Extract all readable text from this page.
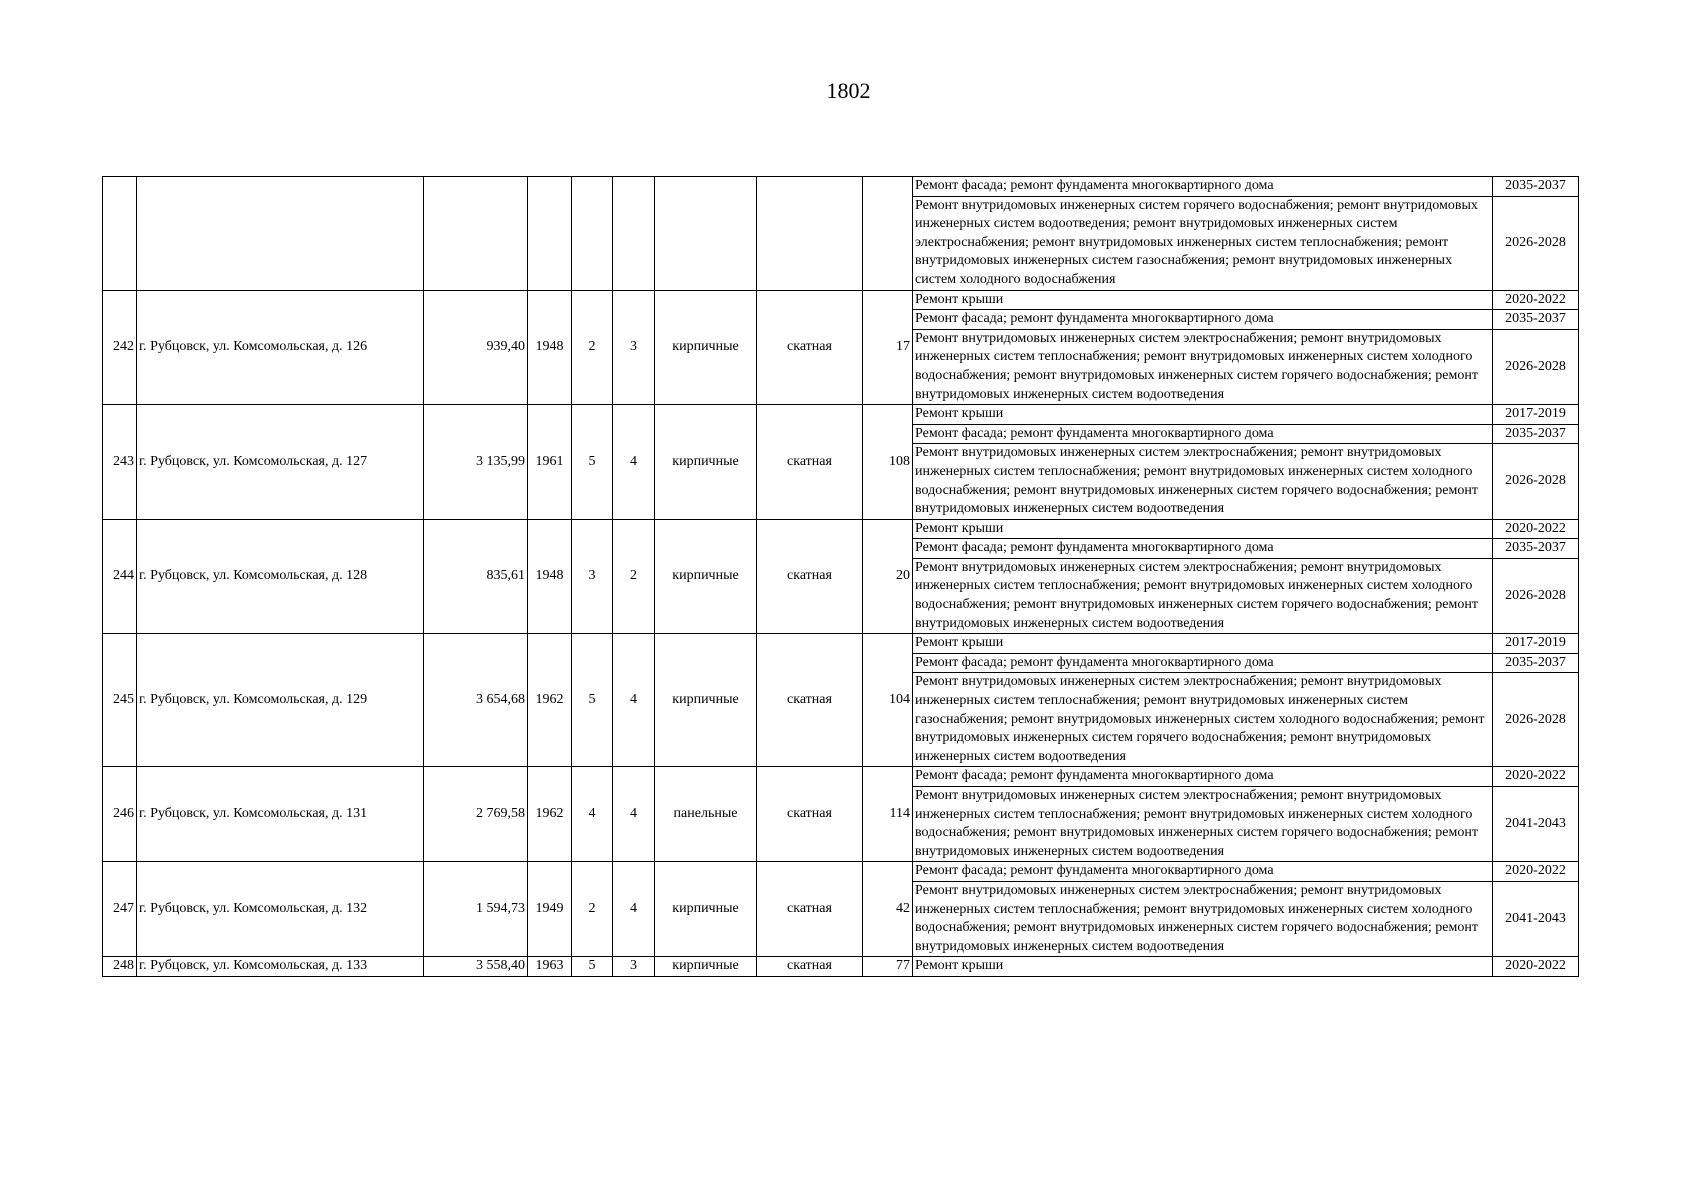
1802
									Ремонт фасада; ремонт фундамента многоквартирного дома	2035-2037
									Ремонт внутридомовых инженерных систем горячего водоснабжения; ремонт внутридомовых инженерных систем водоотведения; ремонт внутридомовых инженерных систем электроснабжения; ремонт внутридомовых инженерных систем теплоснабжения; ремонт внутридомовых инженерных систем газоснабжения; ремонт внутридомовых инженерных систем холодного водоснабжения	2026-2028
242	г. Рубцовск, ул. Комсомольская, д. 126	939,40	1948	2	3	кирпичные	скатная	17	Ремонт крыши	2020-2022
									Ремонт фасада; ремонт фундамента многоквартирного дома	2035-2037
									Ремонт внутридомовых инженерных систем электроснабжения; ремонт внутридомовых инженерных систем теплоснабжения; ремонт внутридомовых инженерных систем холодного водоснабжения; ремонт внутридомовых инженерных систем горячего водоснабжения; ремонт внутридомовых инженерных систем водоотведения	2026-2028
243	г. Рубцовск, ул. Комсомольская, д. 127	3 135,99	1961	5	4	кирпичные	скатная	108	Ремонт крыши	2017-2019
									Ремонт фасада; ремонт фундамента многоквартирного дома	2035-2037
									Ремонт внутридомовых инженерных систем электроснабжения; ремонт внутридомовых инженерных систем теплоснабжения; ремонт внутридомовых инженерных систем холодного водоснабжения; ремонт внутридомовых инженерных систем горячего водоснабжения; ремонт внутридомовых инженерных систем водоотведения	2026-2028
244	г. Рубцовск, ул. Комсомольская, д. 128	835,61	1948	3	2	кирпичные	скатная	20	Ремонт крыши	2020-2022
									Ремонт фасада; ремонт фундамента многоквартирного дома	2035-2037
									Ремонт внутридомовых инженерных систем электроснабжения; ремонт внутридомовых инженерных систем теплоснабжения; ремонт внутридомовых инженерных систем холодного водоснабжения; ремонт внутридомовых инженерных систем горячего водоснабжения; ремонт внутридомовых инженерных систем водоотведения	2026-2028
245	г. Рубцовск, ул. Комсомольская, д. 129	3 654,68	1962	5	4	кирпичные	скатная	104	Ремонт крыши	2017-2019
									Ремонт фасада; ремонт фундамента многоквартирного дома	2035-2037
									Ремонт внутридомовых инженерных систем электроснабжения; ремонт внутридомовых инженерных систем теплоснабжения; ремонт внутридомовых инженерных систем газоснабжения; ремонт внутридомовых инженерных систем холодного водоснабжения; ремонт внутридомовых инженерных систем горячего водоснабжения; ремонт внутридомовых инженерных систем водоотведения	2026-2028
246	г. Рубцовск, ул. Комсомольская, д. 131	2 769,58	1962	4	4	панельные	скатная	114	Ремонт фасада; ремонт фундамента многоквартирного дома	2020-2022
									Ремонт внутридомовых инженерных систем электроснабжения; ремонт внутридомовых инженерных систем теплоснабжения; ремонт внутридомовых инженерных систем холодного водоснабжения; ремонт внутридомовых инженерных систем горячего водоснабжения; ремонт внутридомовых инженерных систем водоотведения	2041-2043
247	г. Рубцовск, ул. Комсомольская, д. 132	1 594,73	1949	2	4	кирпичные	скатная	42	Ремонт фасада; ремонт фундамента многоквартирного дома	2020-2022
									Ремонт внутридомовых инженерных систем электроснабжения; ремонт внутридомовых инженерных систем теплоснабжения; ремонт внутридомовых инженерных систем холодного водоснабжения; ремонт внутридомовых инженерных систем горячего водоснабжения; ремонт внутридомовых инженерных систем водоотведения	2041-2043
248	г. Рубцовск, ул. Комсомольская, д. 133	3 558,40	1963	5	3	кирпичные	скатная	77	Ремонт крыши	2020-2022
